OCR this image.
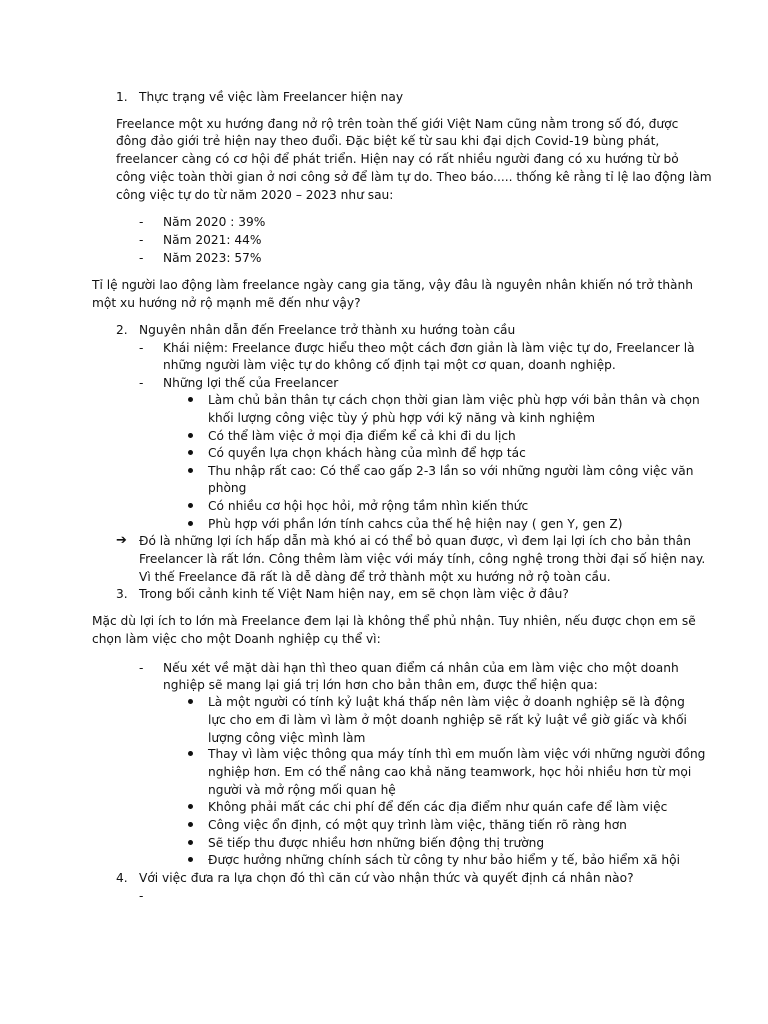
1. Thực trạng về việc làm Freelancer hiện nay
Freelance một xu hướng đang nở rộ trên toàn thế giới Việt Nam cũng nằm trong số đó, được
đông đảo giới trẻ hiện nay theo đuổi. Đặc biệt kế từ sau khi đại dịch Covid-19 bùng phát,
freelancer càng có cơ hội để phát triển. Hiện nay có rất nhiều người đang có xu hướng từ bỏ
công việc toàn thời gian ở nơi công sở để làm tự do. Theo báo..... thống kê rằng tỉ lệ lao động làm
công việc tự do từ năm 2020 – 2023 như sau:
- Năm 2020 : 39%
- Năm 2021: 44%
- Năm 2023: 57%
Tỉ lệ người lao động làm freelance ngày cang gia tăng, vậy đâu là nguyên nhân khiến nó trở thành
một xu hướng nở rộ mạnh mẽ đến như vậy?
2. Nguyên nhân dẫn đến Freelance trở thành xu hướng toàn cầu
- Khái niệm: Freelance được hiểu theo một cách đơn giản là làm việc tự do, Freelancer là
những người làm việc tự do không cố định tại một cơ quan, doanh nghiệp.
- Những lợi thế của Freelancer
Làm chủ bản thân tự cách chọn thời gian làm việc phù hợp với bản thân và chọn
khối lượng công việc tùy ý phù hợp với kỹ năng và kinh nghiệm
Có thể làm việc ở mọi địa điểm kể cả khi đi du lịch
Có quyền lựa chọn khách hàng của mình để hợp tác
Thu nhập rất cao: Có thể cao gấp 2-3 lần so với những người làm công việc văn
phòng
Có nhiều cơ hội học hỏi, mở rộng tầm nhìn kiến thức
Phù hợp với phần lớn tính cahcs của thế hệ hiện nay ( gen Y, gen Z)
➔ Đó là những lợi ích hấp dẫn mà khó ai có thể bỏ quan được, vì đem lại lợi ích cho bản thân
Freelancer là rất lớn. Công thêm làm việc với máy tính, công nghệ trong thời đại số hiện nay.
Vì thế Freelance đã rất là dễ dàng để trở thành một xu hướng nở rộ toàn cầu.
3. Trong bối cảnh kinh tế Việt Nam hiện nay, em sẽ chọn làm việc ở đâu?
Mặc dù lợi ích to lớn mà Freelance đem lại là không thể phủ nhận. Tuy nhiên, nếu được chọn em sẽ
chọn làm việc cho một Doanh nghiệp cụ thể vì:
- Nếu xét về mặt dài hạn thì theo quan điểm cá nhân của em làm việc cho một doanh
nghiệp sẽ mang lại giá trị lớn hơn cho bản thân em, được thể hiện qua:
Là một người có tính kỷ luật khá thấp nên làm việc ở doanh nghiệp sẽ là động
lực cho em đi làm vì làm ở một doanh nghiệp sẽ rất kỷ luật về giờ giấc và khối
lượng công việc mình làm
Thay vì làm việc thông qua máy tính thì em muốn làm việc với những người đồng
nghiệp hơn. Em có thể nâng cao khả năng teamwork, học hỏi nhiều hơn từ mọi
người và mở rộng mối quan hệ
Không phải mất các chi phí để đến các địa điểm như quán cafe để làm việc
Công việc ổn định, có một quy trình làm việc, thăng tiến rõ ràng hơn
Sẽ tiếp thu được nhiều hơn những biến động thị trường
Được hưởng những chính sách từ công ty như bảo hiểm y tế, bảo hiểm xã hội
4. Với việc đưa ra lựa chọn đó thì căn cứ vào nhận thức và quyết định cá nhân nào?
-
